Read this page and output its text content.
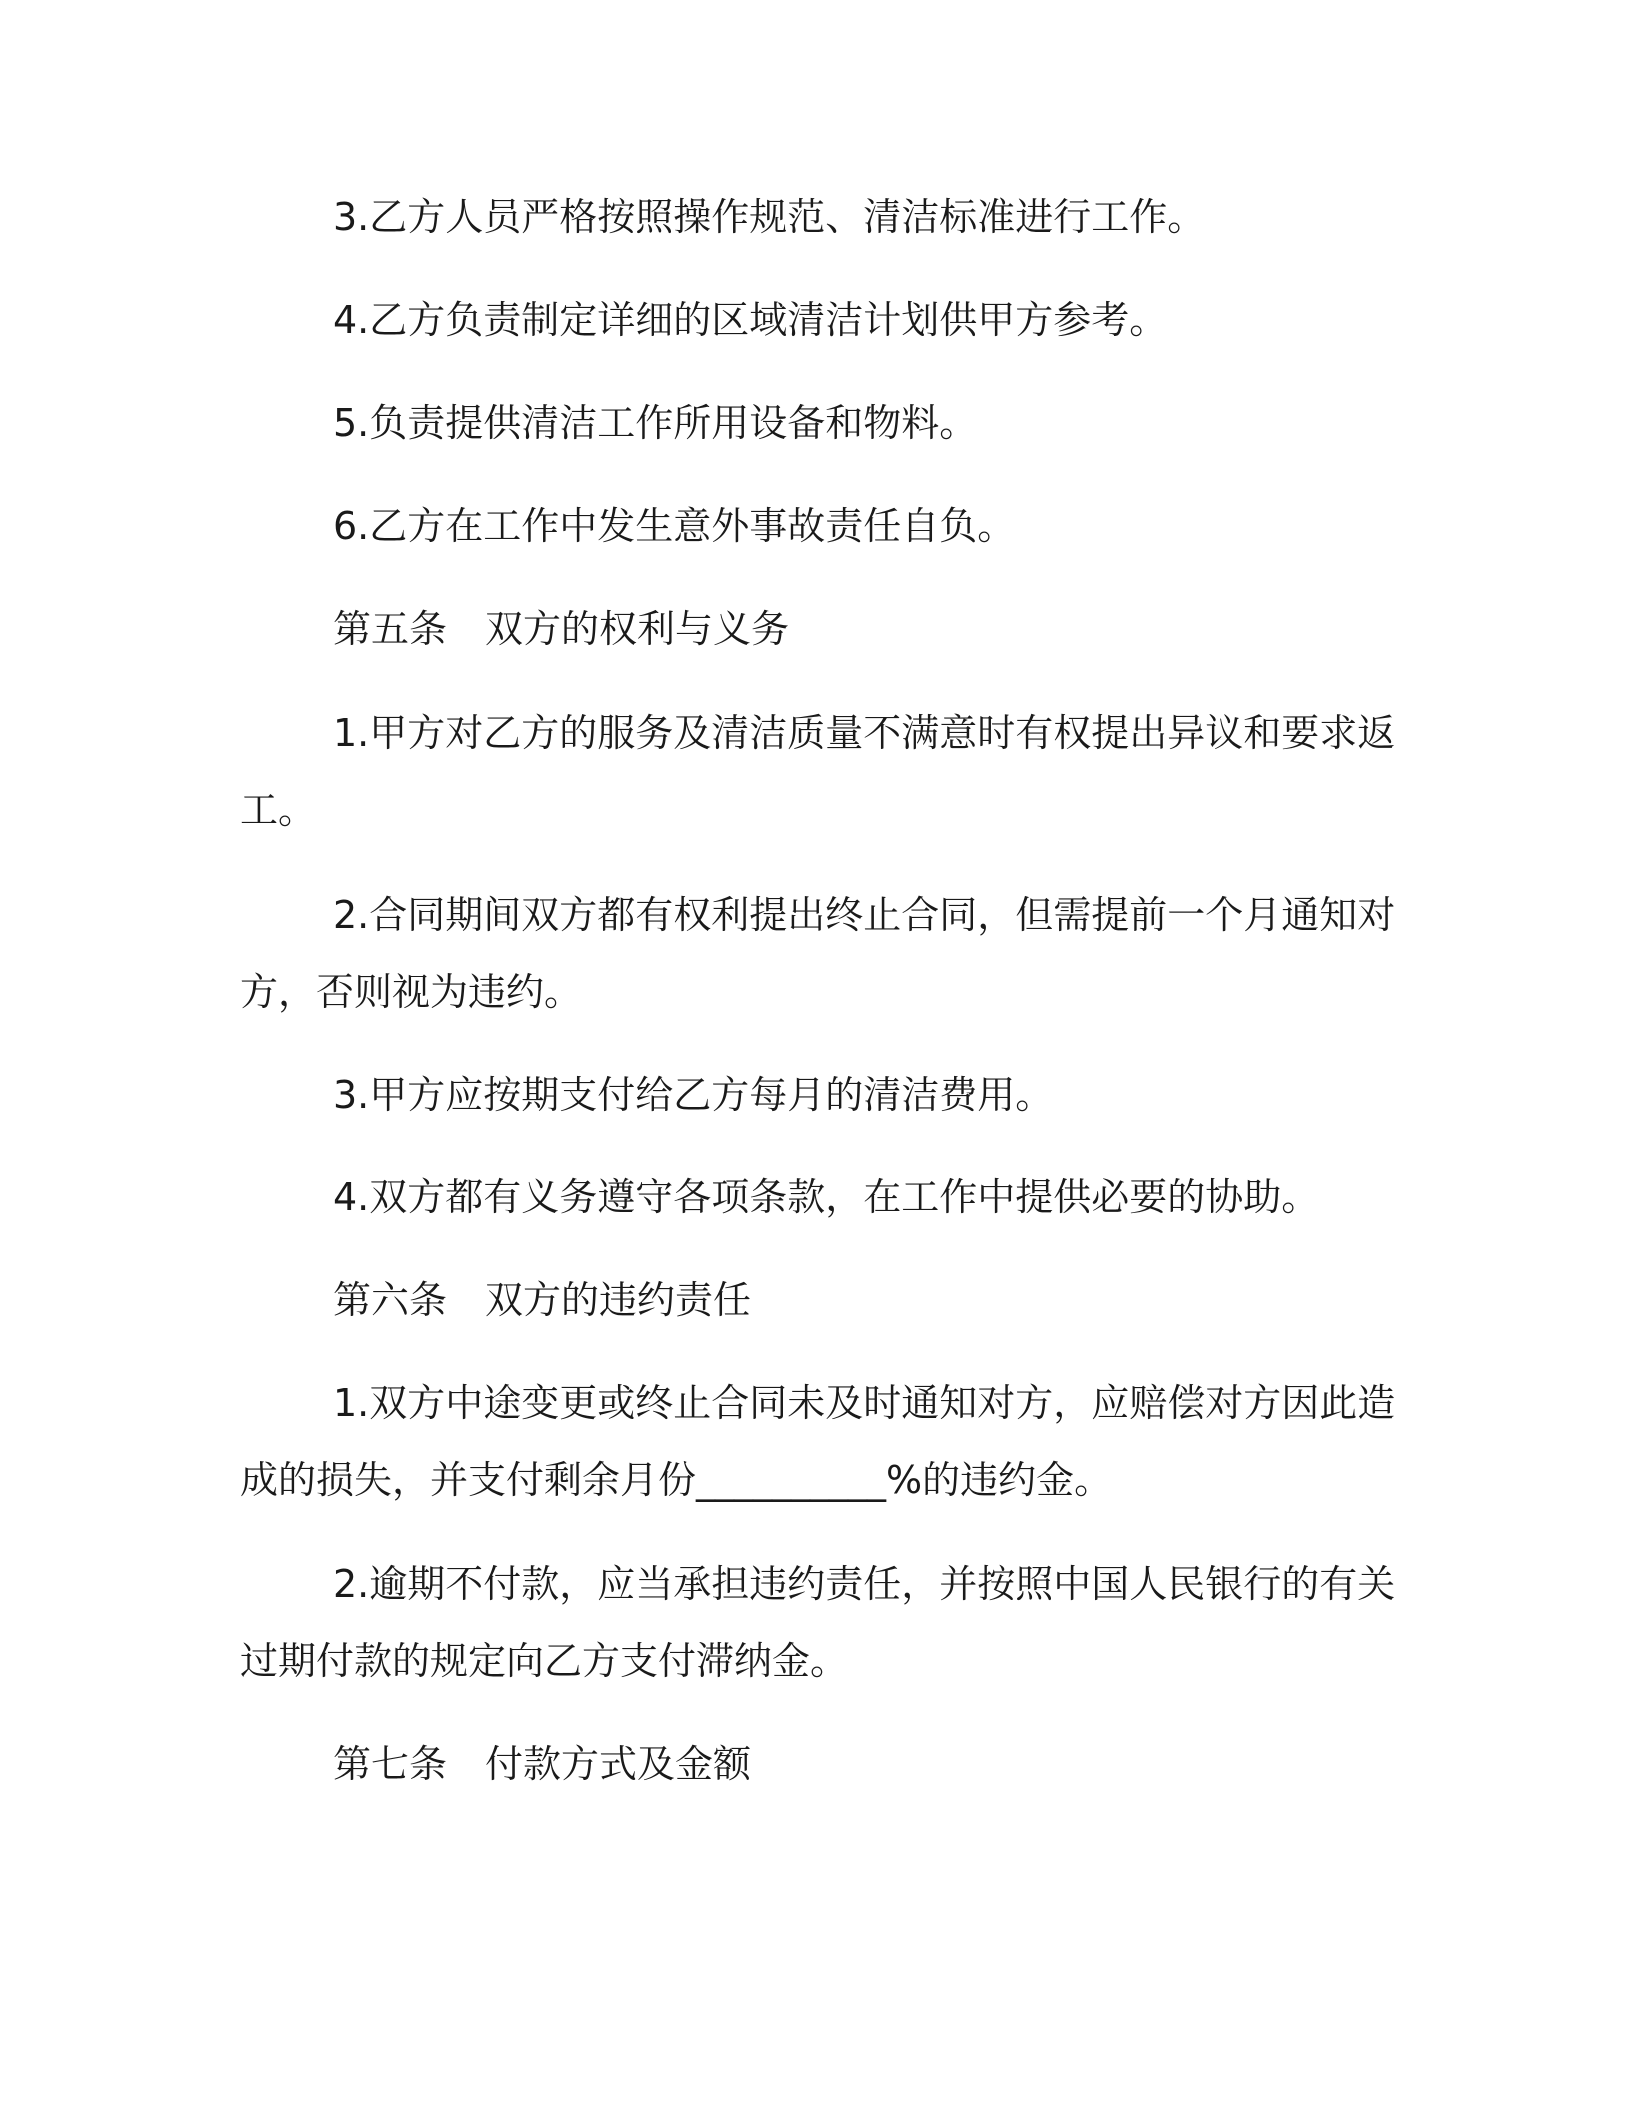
3.乙方人员严格按照操作规范、清洁标准进行工作。
4.乙方负责制定详细的区域清洁计划供甲方参考。
5.负责提供清洁工作所用设备和物料。
6.乙方在工作中发生意外事故责任自负。
第五条　双方的权利与义务
1.甲方对乙方的服务及清洁质量不满意时有权提出异议和要求返
工。
2.合同期间双方都有权利提出终止合同，但需提前一个月通知对
方，否则视为违约。
3.甲方应按期支付给乙方每月的清洁费用。
4.双方都有义务遵守各项条款，在工作中提供必要的协助。
第六条　双方的违约责任
1.双方中途变更或终止合同未及时通知对方，应赔偿对方因此造
成的损失，并支付剩余月份__________%的违约金。
2.逾期不付款，应当承担违约责任，并按照中国人民银行的有关
过期付款的规定向乙方支付滞纳金。
第七条　付款方式及金额
